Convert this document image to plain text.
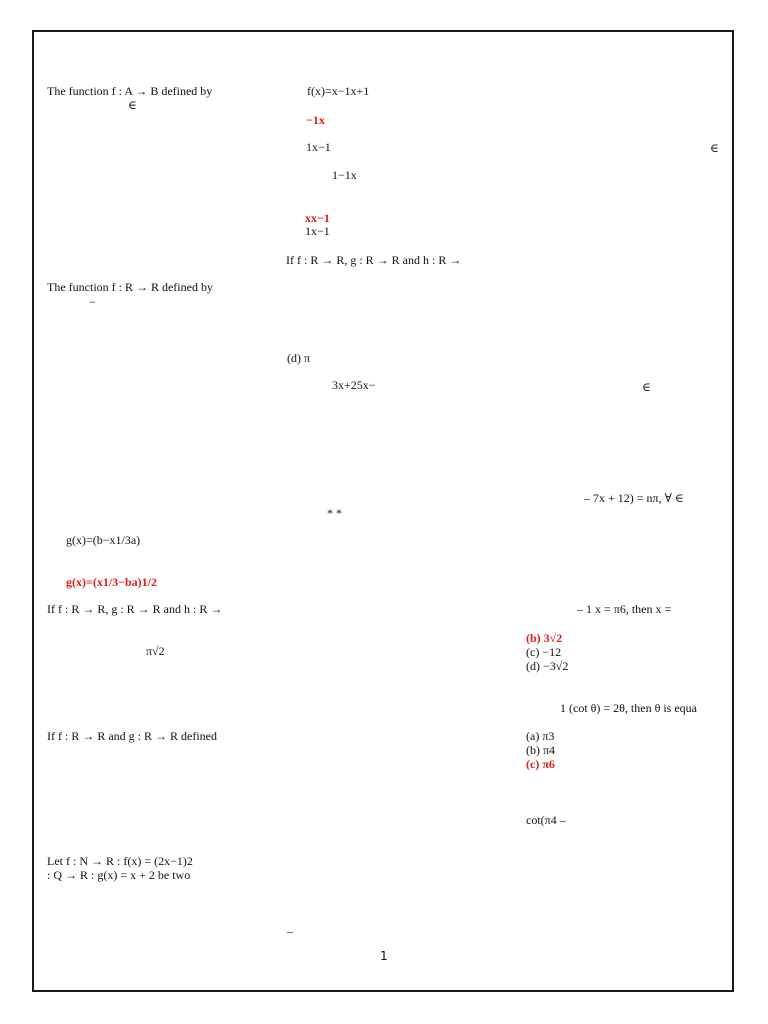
The function f : A → B defined by
∈
The function f : R → R defined by
−
g(x)=(b−x1/3a)
g(x)=(x1/3−ba)1/2
If f : R → R, g : R → R and h : R →
π√2
If f : R → R and g : R → R defined
Let f : N → R : f(x) = (2x−1)2
: Q → R : g(x) = x + 2 be two
f(x)=x−1x+1
−1x
1x−1
1−1x
xx−1
1x−1
If f : R → R, g : R → R and h : R →
(d) π
3x+25x−
* *
–
∈
∈
– 7x + 12) = nπ, ∀ ∈
– 1 x = π6, then x =
(b) 3√2
(c) −12
(d) −3√2
1 (cot θ) = 2θ, then θ is equa
(a) π3
(b) π4
(c) π6
cot(π4 –
1
